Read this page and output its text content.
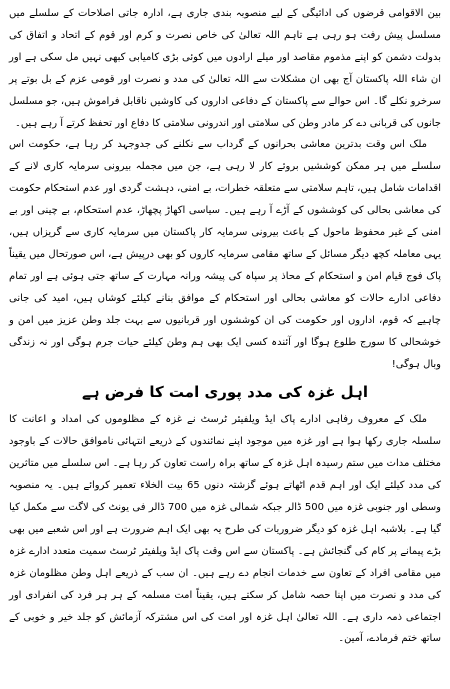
بین الاقوامی قرضوں کی ادائیگی کے لیے منصوبہ بندی جاری ہے، ادارہ جاتی اصلاحات کے سلسلے میں مسلسل پیش رفت ہو رہی ہے تاہم اللہ تعالیٰ کی خاص نصرت و کرم اور قوم کے اتحاد و اتفاق کی بدولت دشمن کو اپنے مذموم مقاصد اور میلے ارادوں میں کوئی بڑی کامیابی کبھی نہیں مل سکی ہے اور ان شاء اللہ پاکستان آج بھی ان مشکلات سے اللہ تعالیٰ کی مدد و نصرت اور قومی عزم کے بل بوتے پر سرخرو نکلے گا۔ اس حوالے سے پاکستان کے دفاعی اداروں کی کاوشیں ناقابل فراموش ہیں، جو مسلسل جانوں کی قربانی دے کر مادر وطن کی سلامتی اور اندرونی سلامتی کا دفاع اور تحفظ کرتے آ رہے ہیں۔

ملک اس وقت بدترین معاشی بحرانوں کے گرداب سے نکلنے کی جدوجہد کر رہا ہے، حکومت اس سلسلے میں ہر ممکن کوششیں بروئے کار لا رہی ہے، جن میں مجملہ بیرونی سرمایہ کاری لانے کے اقدامات شامل ہیں، تاہم سلامتی سے متعلقہ خطرات، بے امنی، دہشت گردی اور عدم استحکام حکومت کی معاشی بحالی کی کوششوں کے آڑے آ رہے ہیں۔ سیاسی اکھاڑ پچھاڑ، عدم استحکام، بے چینی اور بے امنی کے غیر محفوظ ماحول کے باعث بیرونی سرمایہ کار پاکستان میں سرمایہ کاری سے گریزاں ہیں، یہی معاملہ کچھ دیگر مسائل کے ساتھ مقامی سرمایہ کاروں کو بھی درپیش ہے، اس صورتحال میں یقیناً پاک فوج قیام امن و استحکام کے محاذ پر سپاہ کی پیشہ ورانہ مہارت کے ساتھ جتی ہوئی ہے اور تمام دفاعی ادارے حالات کو معاشی بحالی اور استحکام کے موافق بنانے کیلئے کوشاں ہیں، امید کی جانی چاہیے کہ قوم، اداروں اور حکومت کی ان کوششوں اور قربانیوں سے بہت جلد وطن عزیز میں امن و خوشحالی کا سورج طلوع ہوگا اور آئندہ کسی ایک بھی ہم وطن کیلئے حیات جرم ہوگی اور نہ زندگی وبال ہوگی!

اہل غزہ کی مدد پوری امت کا فرض ہے

ملک کے معروف رفاہی ادارے پاک ایڈ ویلفیئر ٹرسٹ نے غزہ کے مظلوموں کی امداد و اعانت کا سلسلہ جاری رکھا ہوا ہے اور غزہ میں موجود اپنے نمائندوں کے ذریعے انتہائی ناموافق حالات کے باوجود مختلف مدات میں ستم رسیدہ اہل غزہ کے ساتھ براہ راست تعاون کر رہا ہے۔ اس سلسلے میں متاثرین کی مدد کیلئے ایک اور اہم قدم اٹھاتے ہوئے گزشتہ دنوں 65 بیت الخلاء تعمیر کروائے ہیں۔ یہ منصوبہ وسطی اور جنوبی غزہ میں 500 ڈالر جبکہ شمالی غزہ میں 700 ڈالر فی یونٹ کی لاگت سے مکمل کیا گیا ہے۔ بلاشبہ اہل غزہ کو دیگر ضروریات کی طرح یہ بھی ایک اہم ضرورت ہے اور اس شعبے میں بھی بڑے پیمانے پر کام کی گنجائش ہے۔ پاکستان سے اس وقت پاک ایڈ ویلفیئر ٹرسٹ سمیت متعدد ادارے غزہ میں مقامی افراد کے تعاون سے خدمات انجام دے رہے ہیں۔ ان سب کے ذریعے اہل وطن مظلومان غزہ کی مدد و نصرت میں اپنا حصہ شامل کر سکتے ہیں، یقیناً امت مسلمہ کے ہر ہر فرد کی انفرادی اور اجتماعی ذمہ داری ہے۔ اللہ تعالیٰ اہل غزہ اور امت کی اس مشترکہ آزمائش کو جلد خیر و خوبی کے ساتھ ختم فرمادے، آمین۔
